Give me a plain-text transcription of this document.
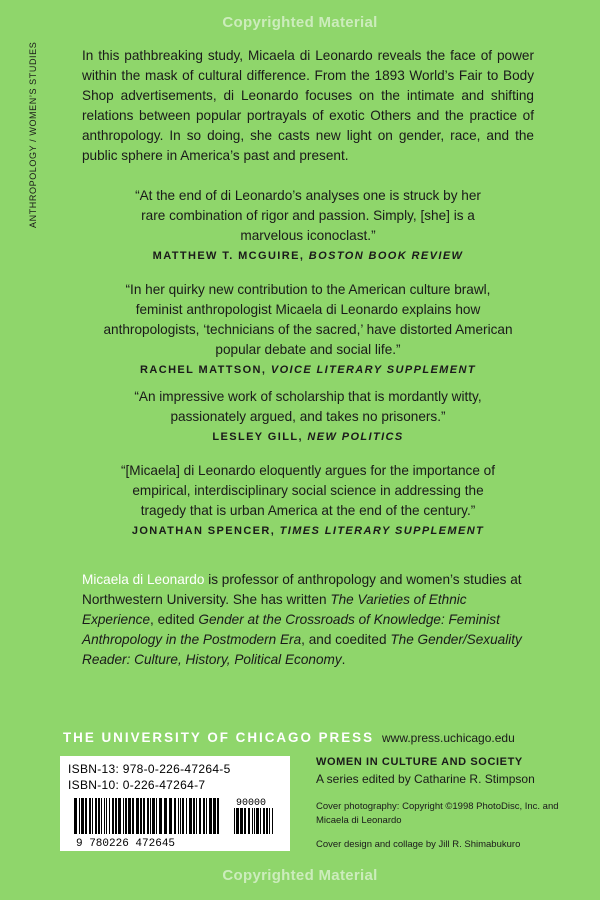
Copyrighted Material
ANTHROPOLOGY / WOMEN’S STUDIES	In this pathbreaking study, Micaela di Leonardo reveals the face of power within the mask of cultural difference. From the 1893 World’s Fair to Body Shop advertisements, di Leonardo focuses on the intimate and shifting relations between popular portrayals of exotic Others and the practice of anthropology. In so doing, she casts new light on gender, race, and the public sphere in America’s past and present.

“At the end of di Leonardo’s analyses one is struck by her rare combination of rigor and passion. Simply, [she] is a marvelous iconoclast.”

MATTHEW T. MCGUIRE, BOSTON BOOK REVIEW

“In her quirky new contribution to the American culture brawl, feminist anthropologist Micaela di Leonardo explains how anthropologists, ‘technicians of the sacred,’ have distorted American popular debate and social life.”

RACHEL MATTSON, VOICE LITERARY SUPPLEMENT

“An impressive work of scholarship that is mordantly witty, passionately argued, and takes no prisoners.”

LESLEY GILL, NEW POLITICS

“[Micaela] di Leonardo eloquently argues for the importance of empirical, interdisciplinary social science in addressing the tragedy that is urban America at the end of the century.”

JONATHAN SPENCER, TIMES LITERARY SUPPLEMENT

Micaela di Leonardo is professor of anthropology and women’s studies at Northwestern University. She has written The Varieties of Ethnic Experience, edited Gender at the Crossroads of Knowledge: Feminist Anthropology in the Postmodern Era, and coedited The Gender/Sexuality Reader: Culture, History, Political Economy.

THE UNIVERSITY OF CHICAGO PRESS www.press.uchicago.edu
ISBN-13: 978-0-226-47264-5
ISBN-10: 0-226-47264-7
9 780226 472645
90000
WOMEN IN CULTURE AND SOCIETY
A series edited by Catharine R. Stimpson
Cover photography: Copyright ©1998 PhotoDisc, Inc. and Micaela di Leonardo
Cover design and collage by Jill R. Shimabukuro
Copyrighted Material
